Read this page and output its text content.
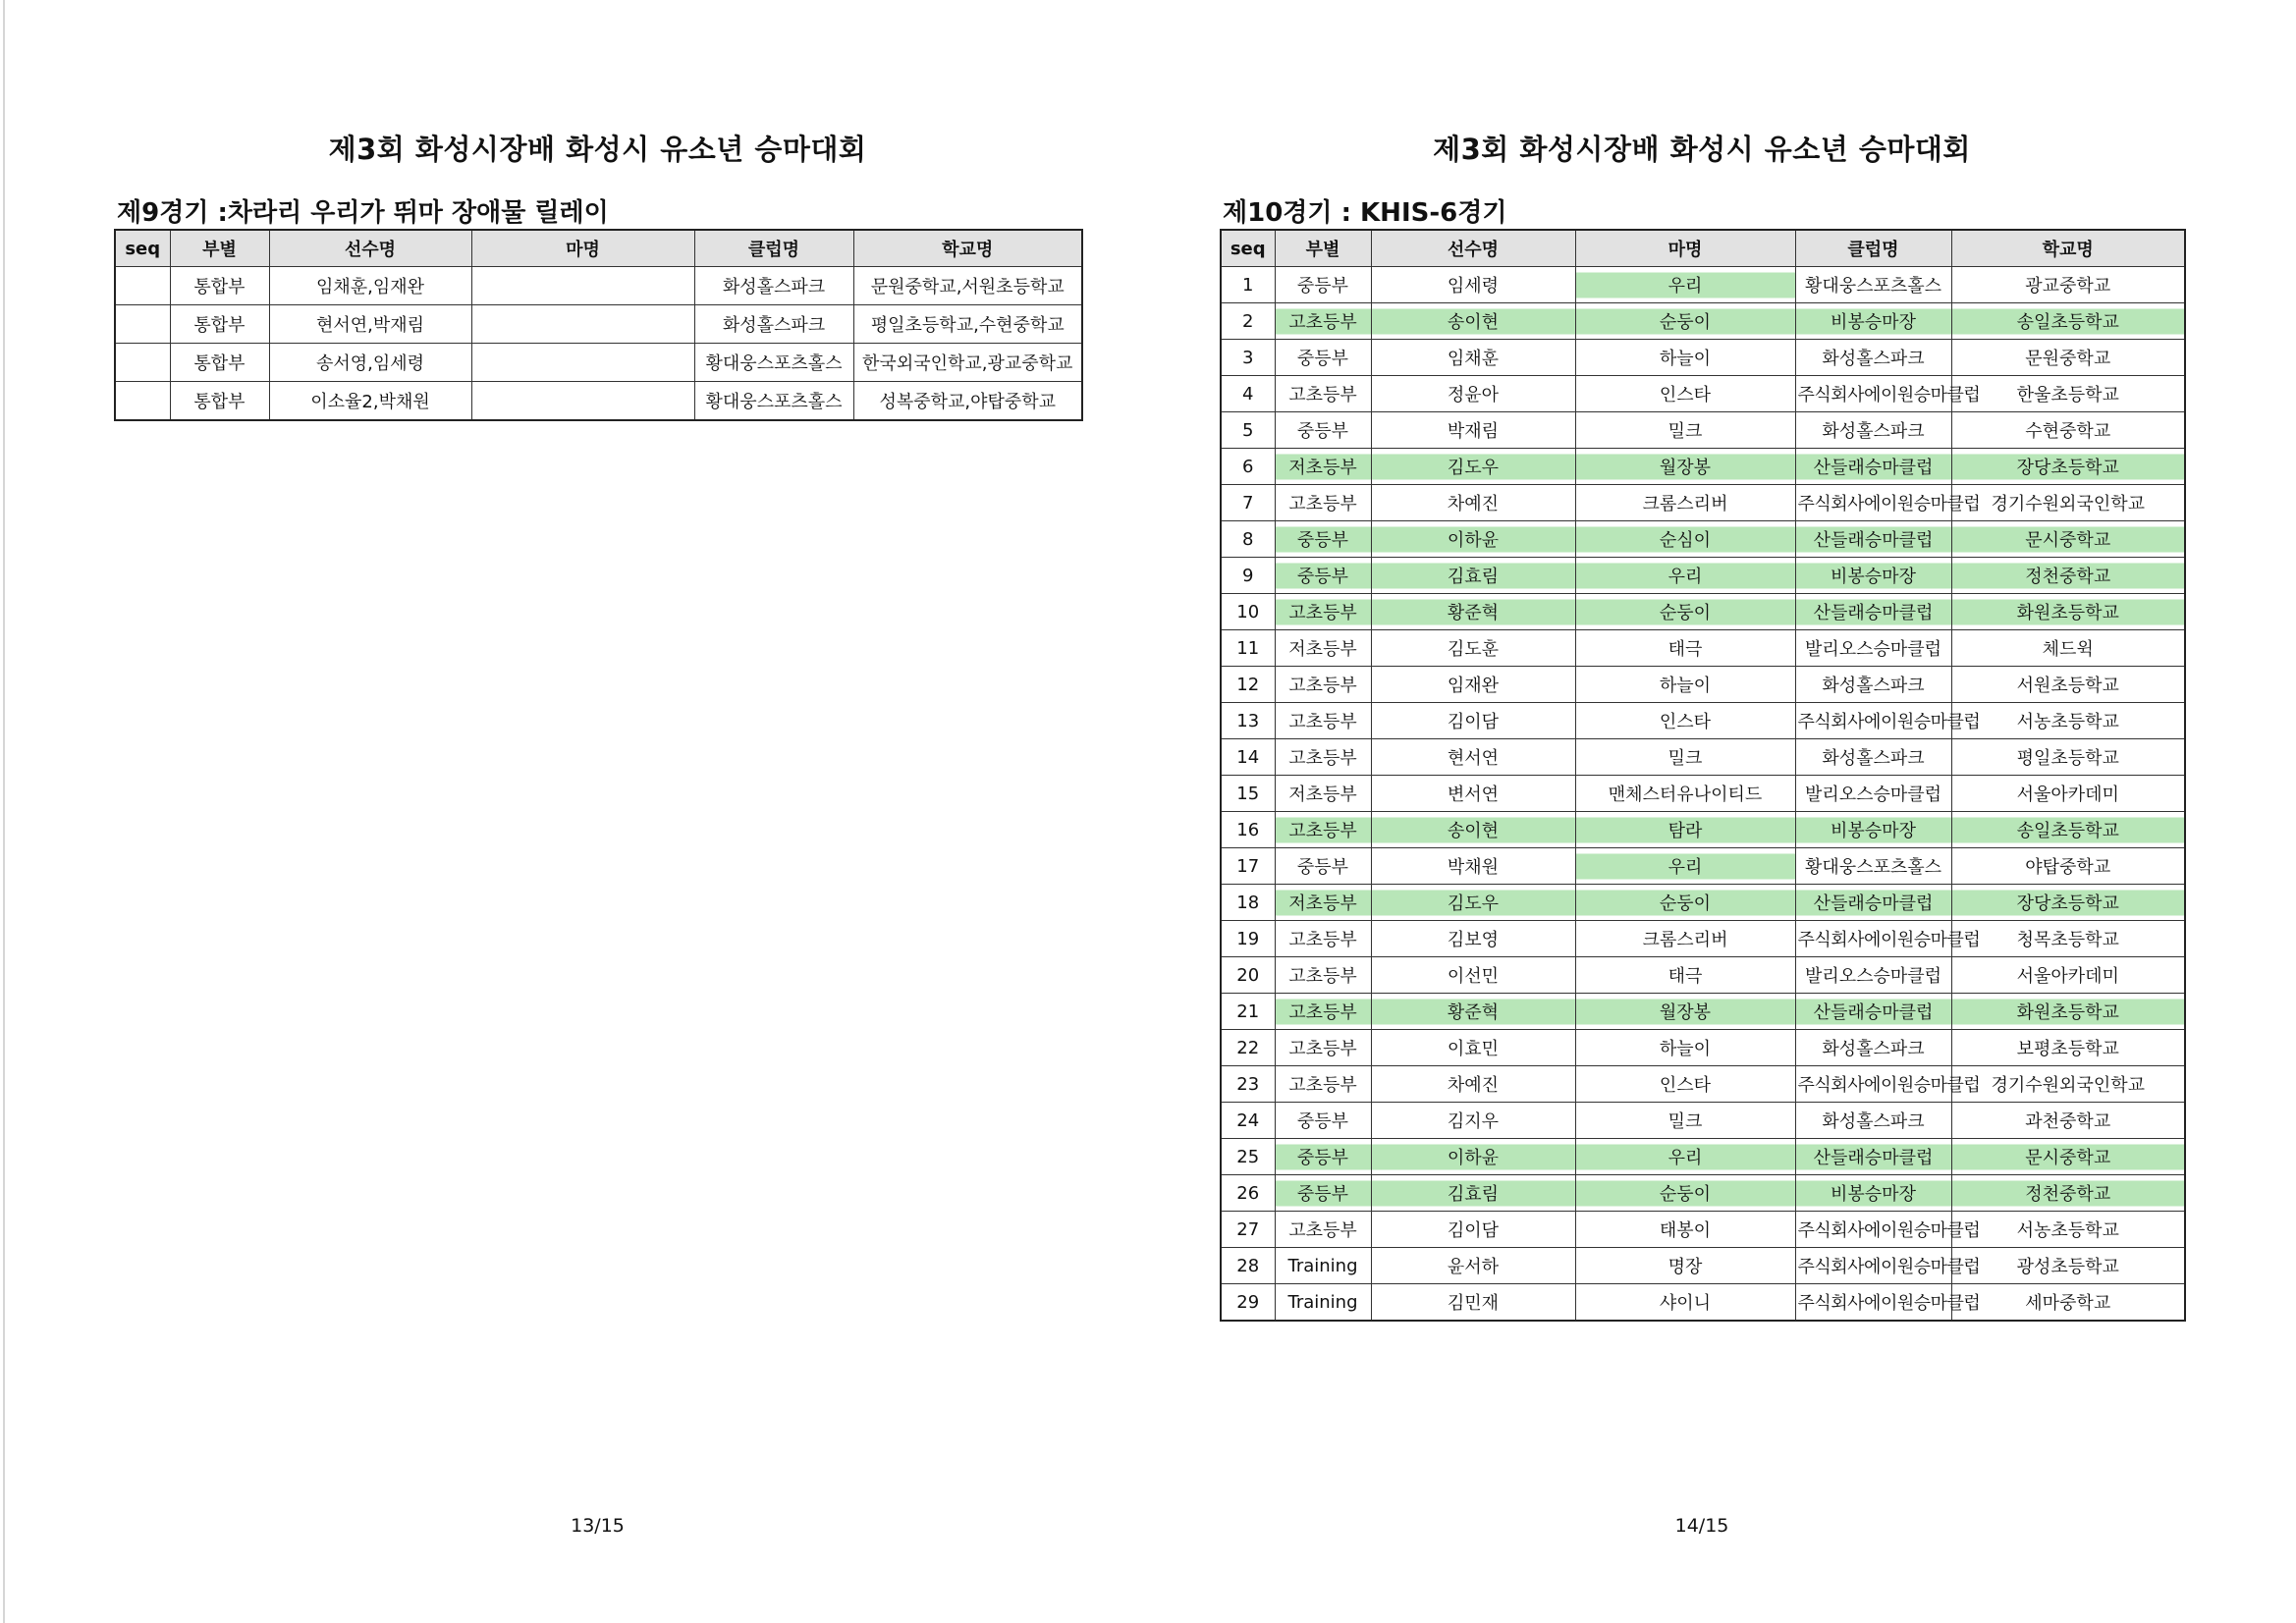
제3회 화성시장배 화성시 유소년 승마대회
제9경기 :차라리 우리가 뛰마 장애물 릴레이
seq	부별	선수명	마명	클럽명	학교명
	통합부	임채훈,임재완		화성홀스파크	문원중학교,서원초등학교
	통합부	현서연,박재림		화성홀스파크	평일초등학교,수현중학교
	통합부	송서영,임세령		황대웅스포츠홀스	한국외국인학교,광교중학교
	통합부	이소율2,박채원		황대웅스포츠홀스	성복중학교,야탑중학교
13/15
제3회 화성시장배 화성시 유소년 승마대회
제10경기 : KHIS-6경기
seq	부별	선수명	마명	클럽명	학교명
1	중등부	임세령	우리	황대웅스포츠홀스	광교중학교
2	고초등부	송이현	순둥이	비봉승마장	송일초등학교
3	중등부	임채훈	하늘이	화성홀스파크	문원중학교
4	고초등부	정윤아	인스타	주식회사에이원승마클럽	한울초등학교
5	중등부	박재림	밀크	화성홀스파크	수현중학교
6	저초등부	김도우	월장봉	산들래승마클럽	장당초등학교
7	고초등부	차예진	크롬스리버	주식회사에이원승마클럽	경기수원외국인학교
8	중등부	이하윤	순심이	산들래승마클럽	문시중학교
9	중등부	김효림	우리	비봉승마장	정천중학교
10	고초등부	황준혁	순둥이	산들래승마클럽	화원초등학교
11	저초등부	김도훈	태극	발리오스승마클럽	체드윅
12	고초등부	임재완	하늘이	화성홀스파크	서원초등학교
13	고초등부	김이담	인스타	주식회사에이원승마클럽	서농초등학교
14	고초등부	현서연	밀크	화성홀스파크	평일초등학교
15	저초등부	변서연	맨체스터유나이티드	발리오스승마클럽	서울아카데미
16	고초등부	송이현	탐라	비봉승마장	송일초등학교
17	중등부	박채원	우리	황대웅스포츠홀스	야탑중학교
18	저초등부	김도우	순둥이	산들래승마클럽	장당초등학교
19	고초등부	김보영	크롬스리버	주식회사에이원승마클럽	청목초등학교
20	고초등부	이선민	태극	발리오스승마클럽	서울아카데미
21	고초등부	황준혁	월장봉	산들래승마클럽	화원초등학교
22	고초등부	이효민	하늘이	화성홀스파크	보평초등학교
23	고초등부	차예진	인스타	주식회사에이원승마클럽	경기수원외국인학교
24	중등부	김지우	밀크	화성홀스파크	과천중학교
25	중등부	이하윤	우리	산들래승마클럽	문시중학교
26	중등부	김효림	순둥이	비봉승마장	정천중학교
27	고초등부	김이담	태봉이	주식회사에이원승마클럽	서농초등학교
28	Training	윤서하	명장	주식회사에이원승마클럽	광성초등학교
29	Training	김민재	샤이니	주식회사에이원승마클럽	세마중학교
14/15
